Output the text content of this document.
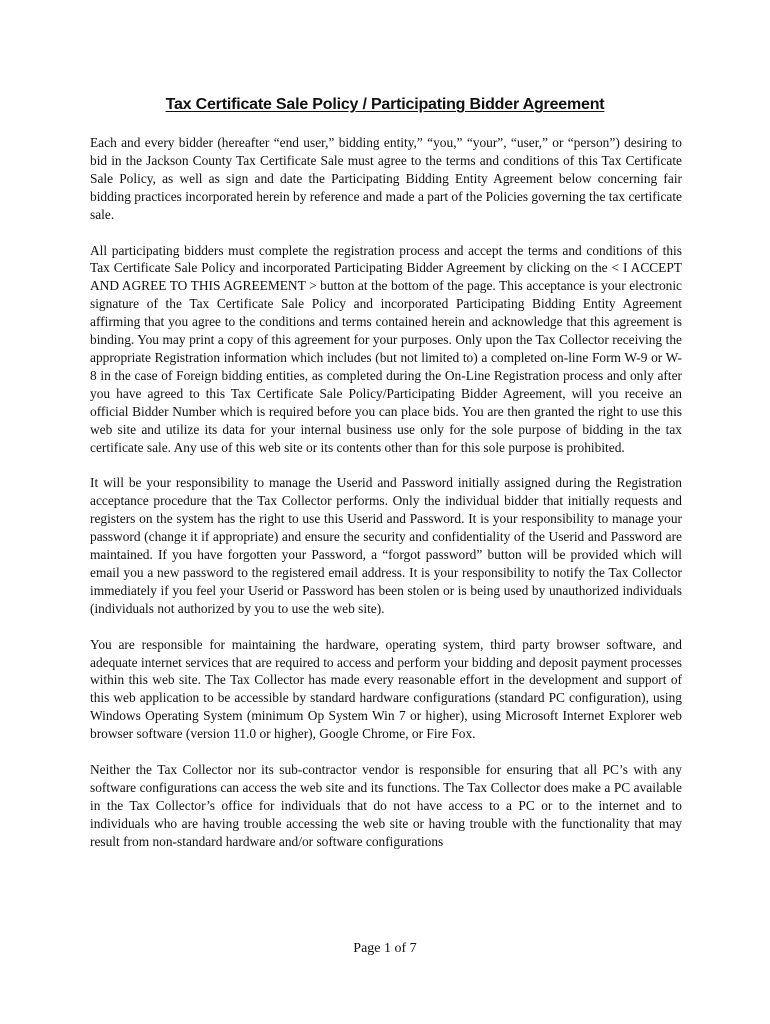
Tax Certificate Sale Policy / Participating Bidder Agreement

Each and every bidder (hereafter “end user,” bidding entity,” “you,” “your”, “user,” or “person”) desiring to bid in the Jackson County Tax Certificate Sale must agree to the terms and conditions of this Tax Certificate Sale Policy, as well as sign and date the Participating Bidding Entity Agreement below concerning fair bidding practices incorporated herein by reference and made a part of the Policies governing the tax certificate sale.

All participating bidders must complete the registration process and accept the terms and conditions of this Tax Certificate Sale Policy and incorporated Participating Bidder Agreement by clicking on the < I ACCEPT AND AGREE TO THIS AGREEMENT > button at the bottom of the page. This acceptance is your electronic signature of the Tax Certificate Sale Policy and incorporated Participating Bidding Entity Agreement affirming that you agree to the conditions and terms contained herein and acknowledge that this agreement is binding. You may print a copy of this agreement for your purposes. Only upon the Tax Collector receiving the appropriate Registration information which includes (but not limited to) a completed on-line Form W-9 or W-8 in the case of Foreign bidding entities, as completed during the On-Line Registration process and only after you have agreed to this Tax Certificate Sale Policy/Participating Bidder Agreement, will you receive an official Bidder Number which is required before you can place bids. You are then granted the right to use this web site and utilize its data for your internal business use only for the sole purpose of bidding in the tax certificate sale. Any use of this web site or its contents other than for this sole purpose is prohibited.

It will be your responsibility to manage the Userid and Password initially assigned during the Registration acceptance procedure that the Tax Collector performs. Only the individual bidder that initially requests and registers on the system has the right to use this Userid and Password. It is your responsibility to manage your password (change it if appropriate) and ensure the security and confidentiality of the Userid and Password are maintained. If you have forgotten your Password, a “forgot password” button will be provided which will email you a new password to the registered email address. It is your responsibility to notify the Tax Collector immediately if you feel your Userid or Password has been stolen or is being used by unauthorized individuals (individuals not authorized by you to use the web site).

You are responsible for maintaining the hardware, operating system, third party browser software, and adequate internet services that are required to access and perform your bidding and deposit payment processes within this web site. The Tax Collector has made every reasonable effort in the development and support of this web application to be accessible by standard hardware configurations (standard PC configuration), using Windows Operating System (minimum Op System Win 7 or higher), using Microsoft Internet Explorer web browser software (version 11.0 or higher), Google Chrome, or Fire Fox.

Neither the Tax Collector nor its sub-contractor vendor is responsible for ensuring that all PC’s with any software configurations can access the web site and its functions. The Tax Collector does make a PC available in the Tax Collector’s office for individuals that do not have access to a PC or to the internet and to individuals who are having trouble accessing the web site or having trouble with the functionality that may result from non-standard hardware and/or software configurations

Page 1 of 7
